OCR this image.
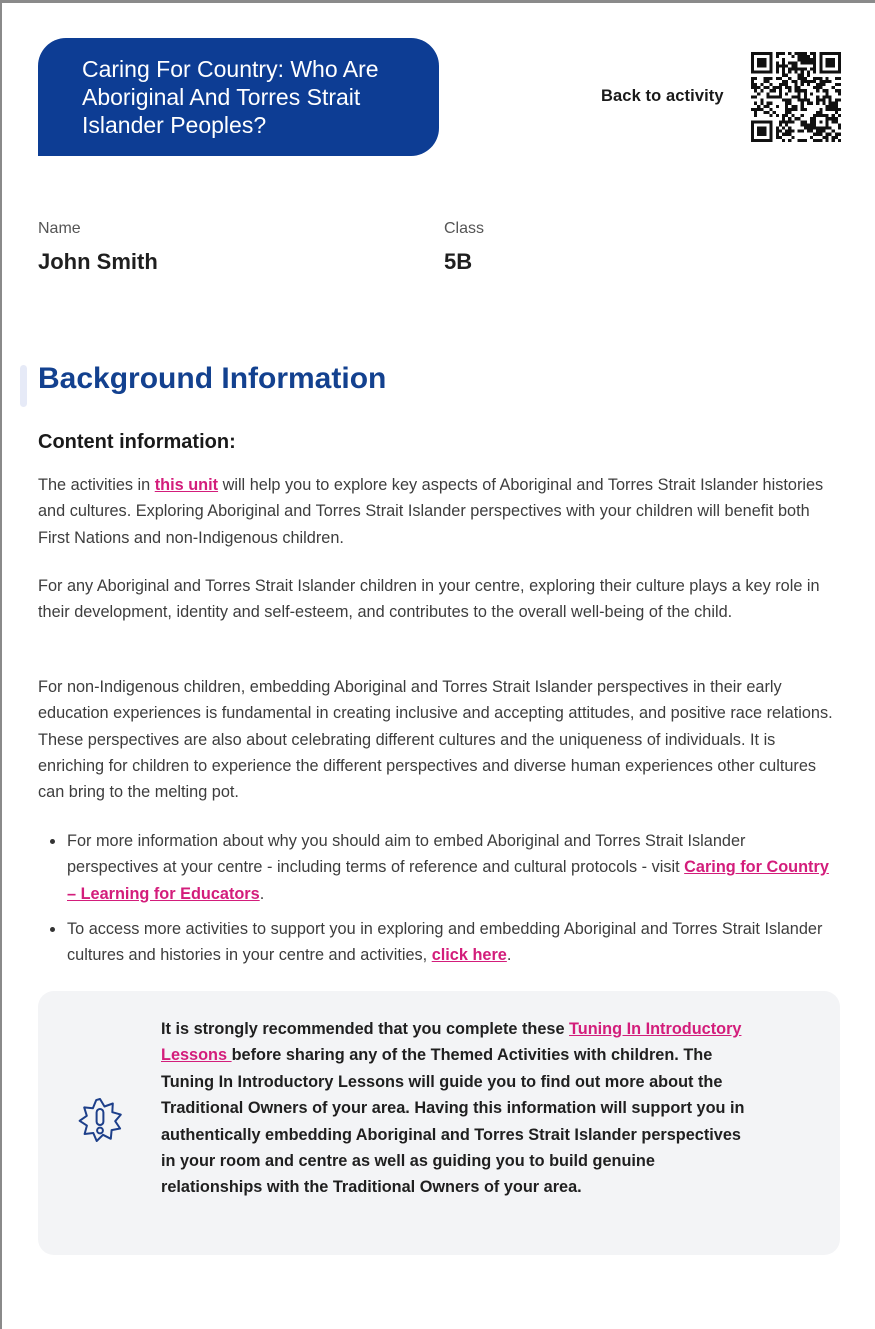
Caring For Country: Who Are Aboriginal And Torres Strait Islander Peoples?
Back to activity
Name
John Smith
Class
5B
Background Information
Content information:

The activities in this unit will help you to explore key aspects of Aboriginal and Torres Strait Islander histories and cultures. Exploring Aboriginal and Torres Strait Islander perspectives with your children will benefit both First Nations and non-Indigenous children.

For any Aboriginal and Torres Strait Islander children in your centre, exploring their culture plays a key role in their development, identity and self-esteem, and contributes to the overall well-being of the child.

For non-Indigenous children, embedding Aboriginal and Torres Strait Islander perspectives in their early education experiences is fundamental in creating inclusive and accepting attitudes, and positive race relations. These perspectives are also about celebrating different cultures and the uniqueness of individuals. It is enriching for children to experience the different perspectives and diverse human experiences other cultures can bring to the melting pot.

For more information about why you should aim to embed Aboriginal and Torres Strait Islander perspectives at your centre - including terms of reference and cultural protocols - visit Caring for Country – Learning for Educators.
To access more activities to support you in exploring and embedding Aboriginal and Torres Strait Islander cultures and histories in your centre and activities, click here.

It is strongly recommended that you complete these Tuning In Introductory Lessons before sharing any of the Themed Activities with children. The Tuning In Introductory Lessons will guide you to find out more about the Traditional Owners of your area. Having this information will support you in authentically embedding Aboriginal and Torres Strait Islander perspectives in your room and centre as well as guiding you to build genuine relationships with the Traditional Owners of your area.
